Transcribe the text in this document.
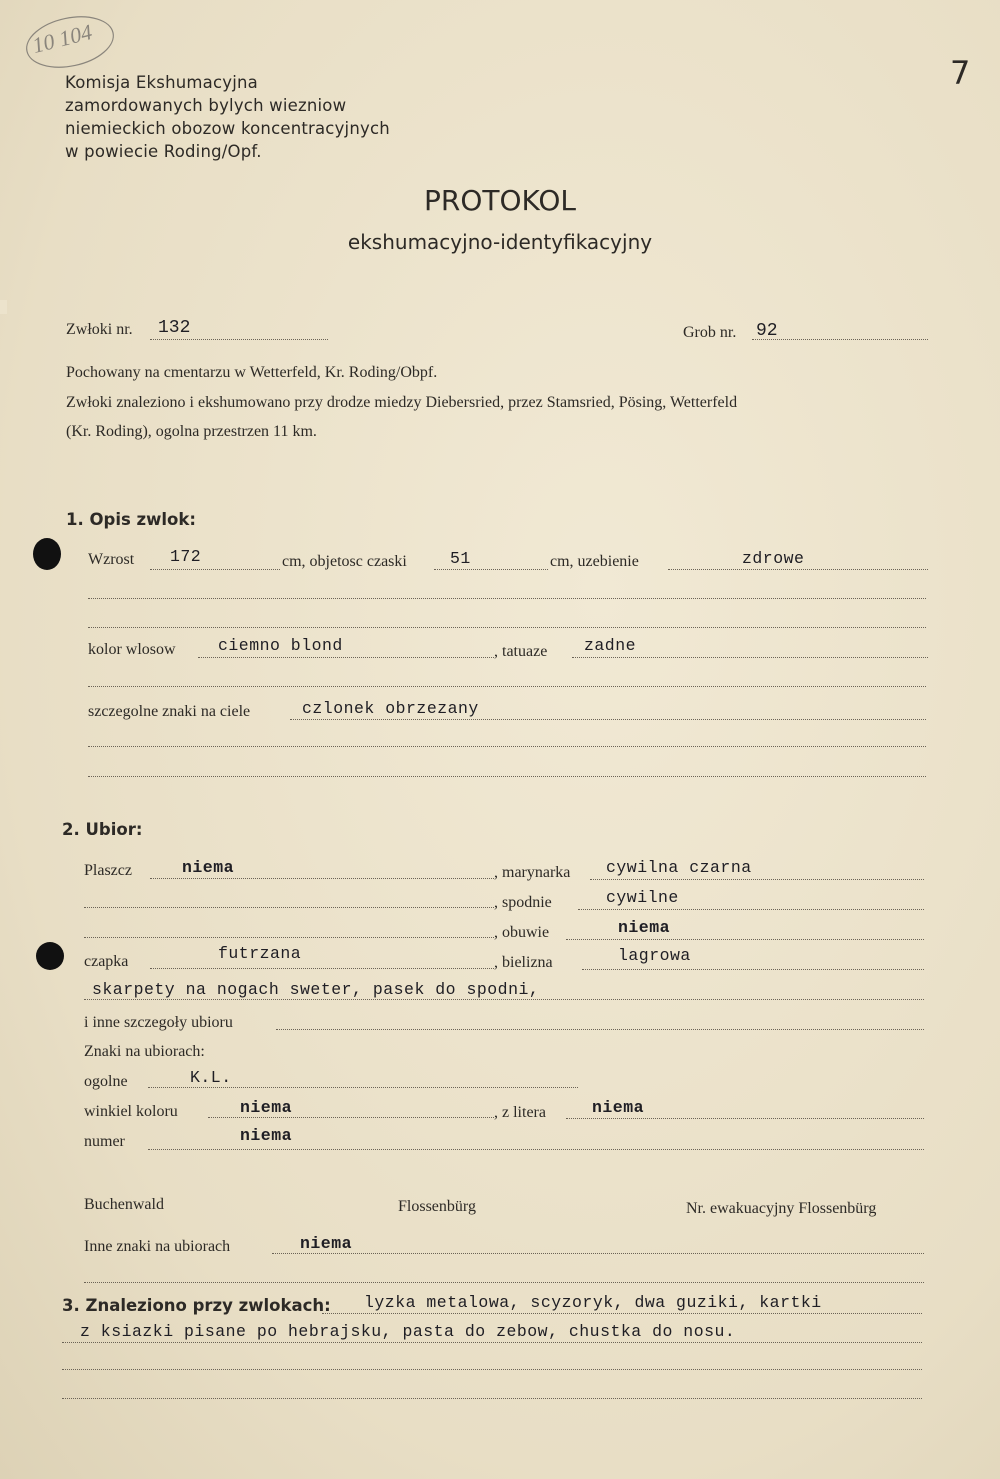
10 104
7
Komisja Ekshumacyjna
zamordowanych bylych wiezniow
niemieckich obozow koncentracyjnych
w powiecie Roding/Opf.
PROTOKOL
ekshumacyjno-identyfikacyjny
Zwłoki nr. 132	Grob nr. 92
Pochowany na cmentarzu w Wetterfeld, Kr. Roding/Obpf.
Zwłoki znaleziono i ekshumowano przy drodze miedzy Diebersried, przez Stamsried, Pösing, Wetterfeld
(Kr. Roding), ogolna przestrzen 11 km.
1. Opis zwlok:
Wzrost 172	cm, objetosc czaski	51	cm, uzebienie	zdrowe
kolor wlosow	ciemno blond	, tatuaze zadne
szczegolne znaki na ciele	czlonek obrzezany
2. Ubior:
Plaszcz	niema	, marynarka cywilna czarna
, spodnie	cywilne
, obuwie	niema
czapka	futrzana	, bielizna	lagrowa
skarpety na nogach sweter, pasek do spodni,
i inne szczegoły ubioru
Znaki na ubiorach:
ogolne	K.L.
winkiel koloru	niema	, z litera	niema
numer	niema
Buchenwald	Flossenbürg	Nr. ewakuacyjny Flossenbürg
Inne znaki na ubiorach	niema
3. Znaleziono przy zwlokach: lyzka metalowa, scyzoryk, dwa guziki, kartki
z ksiazki pisane po hebrajsku, pasta do zebow, chustka do nosu.
